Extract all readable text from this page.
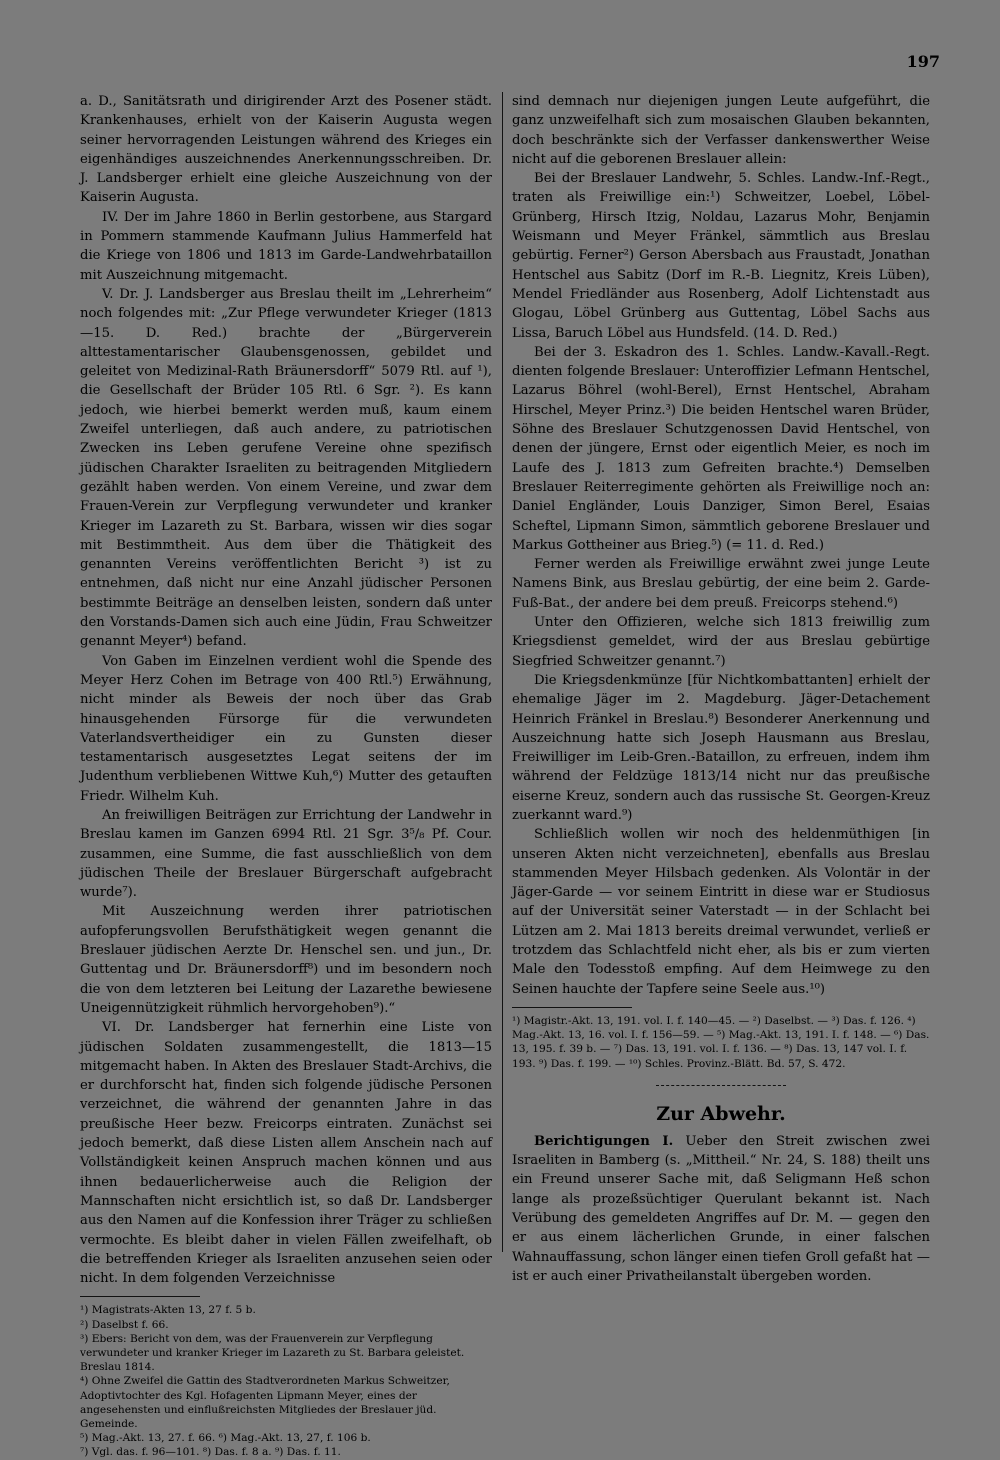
197

a. D., Sanitätsrath und dirigirender Arzt des Posener städt. Krankenhauses, erhielt von der Kaiserin Augusta wegen seiner hervorragenden Leistungen während des Krieges ein eigenhändiges auszeichnendes Anerkennungsschreiben. Dr. J. Landsberger erhielt eine gleiche Auszeichnung von der Kaiserin Augusta.

IV. Der im Jahre 1860 in Berlin gestorbene, aus Stargard in Pommern stammende Kaufmann Julius Hammerfeld hat die Kriege von 1806 und 1813 im Garde-Landwehrbataillon mit Auszeichnung mitgemacht.

V. Dr. J. Landsberger aus Breslau theilt im „Lehrerheim“ noch folgendes mit: „Zur Pflege verwundeter Krieger (1813—15. D. Red.) brachte der „Bürgerverein alttestamentarischer Glaubensgenossen, gebildet und geleitet von Medizinal-Rath Bräunersdorff“ 5079 Rtl. auf ¹), die Gesellschaft der Brüder 105 Rtl. 6 Sgr. ²). Es kann jedoch, wie hierbei bemerkt werden muß, kaum einem Zweifel unterliegen, daß auch andere, zu patriotischen Zwecken ins Leben gerufene Vereine ohne spezifisch jüdischen Charakter Israeliten zu beitragenden Mitgliedern gezählt haben werden. Von einem Vereine, und zwar dem Frauen-Verein zur Verpflegung verwundeter und kranker Krieger im Lazareth zu St. Barbara, wissen wir dies sogar mit Bestimmtheit. Aus dem über die Thätigkeit des genannten Vereins veröffentlichten Bericht ³) ist zu entnehmen, daß nicht nur eine Anzahl jüdischer Personen bestimmte Beiträge an denselben leisten, sondern daß unter den Vorstands-Damen sich auch eine Jüdin, Frau Schweitzer genannt Meyer⁴) befand.

Von Gaben im Einzelnen verdient wohl die Spende des Meyer Herz Cohen im Betrage von 400 Rtl.⁵) Erwähnung, nicht minder als Beweis der noch über das Grab hinausgehenden Fürsorge für die verwundeten Vaterlandsvertheidiger ein zu Gunsten dieser testamentarisch ausgesetztes Legat seitens der im Judenthum verbliebenen Wittwe Kuh,⁶) Mutter des getauften Friedr. Wilhelm Kuh.

An freiwilligen Beiträgen zur Errichtung der Landwehr in Breslau kamen im Ganzen 6994 Rtl. 21 Sgr. 3⁵/₈ Pf. Cour. zusammen, eine Summe, die fast ausschließlich von dem jüdischen Theile der Breslauer Bürgerschaft aufgebracht wurde⁷).

Mit Auszeichnung werden ihrer patriotischen aufopferungsvollen Berufsthätigkeit wegen genannt die Breslauer jüdischen Aerzte Dr. Henschel sen. und jun., Dr. Guttentag und Dr. Bräunersdorff⁸) und im besondern noch die von dem letzteren bei Leitung der Lazarethe bewiesene Uneigennützigkeit rühmlich hervorgehoben⁹).“

VI. Dr. Landsberger hat fernerhin eine Liste von jüdischen Soldaten zusammengestellt, die 1813—15 mitgemacht haben. In Akten des Breslauer Stadt-Archivs, die er durchforscht hat, finden sich folgende jüdische Personen verzeichnet, die während der genannten Jahre in das preußische Heer bezw. Freicorps eintraten. Zunächst sei jedoch bemerkt, daß diese Listen allem Anschein nach auf Vollständigkeit keinen Anspruch machen können und aus ihnen bedauerlicherweise auch die Religion der Mannschaften nicht ersichtlich ist, so daß Dr. Landsberger aus den Namen auf die Konfession ihrer Träger zu schließen vermochte. Es bleibt daher in vielen Fällen zweifelhaft, ob die betreffenden Krieger als Israeliten anzusehen seien oder nicht. In dem folgenden Verzeichnisse

¹) Magistrats-Akten 13, 27 f. 5 b.

²) Daselbst f. 66.

³) Ebers: Bericht von dem, was der Frauenverein zur Verpflegung verwundeter und kranker Krieger im Lazareth zu St. Barbara geleistet. Breslau 1814.

⁴) Ohne Zweifel die Gattin des Stadtverordneten Markus Schweitzer, Adoptivtochter des Kgl. Hofagenten Lipmann Meyer, eines der angesehensten und einflußreichsten Mitgliedes der Breslauer jüd. Gemeinde.

⁵) Mag.-Akt. 13, 27. f. 66. ⁶) Mag.-Akt. 13, 27, f. 106 b.

⁷) Vgl. das. f. 96—101. ⁸) Das. f. 8 a. ⁹) Das. f. 11.

sind demnach nur diejenigen jungen Leute aufgeführt, die ganz unzweifelhaft sich zum mosaischen Glauben bekannten, doch beschränkte sich der Verfasser dankenswerther Weise nicht auf die geborenen Breslauer allein:

Bei der Breslauer Landwehr, 5. Schles. Landw.-Inf.-Regt., traten als Freiwillige ein:¹) Schweitzer, Loebel, Löbel-Grünberg, Hirsch Itzig, Noldau, Lazarus Mohr, Benjamin Weismann und Meyer Fränkel, sämmtlich aus Breslau gebürtig. Ferner²) Gerson Abersbach aus Fraustadt, Jonathan Hentschel aus Sabitz (Dorf im R.-B. Liegnitz, Kreis Lüben), Mendel Friedländer aus Rosenberg, Adolf Lichtenstadt aus Glogau, Löbel Grünberg aus Guttentag, Löbel Sachs aus Lissa, Baruch Löbel aus Hundsfeld. (14. D. Red.)

Bei der 3. Eskadron des 1. Schles. Landw.-Kavall.-Regt. dienten folgende Breslauer: Unteroffizier Lefmann Hentschel, Lazarus Böhrel (wohl-Berel), Ernst Hentschel, Abraham Hirschel, Meyer Prinz.³) Die beiden Hentschel waren Brüder, Söhne des Breslauer Schutzgenossen David Hentschel, von denen der jüngere, Ernst oder eigentlich Meier, es noch im Laufe des J. 1813 zum Gefreiten brachte.⁴) Demselben Breslauer Reiterregimente gehörten als Freiwillige noch an: Daniel Engländer, Louis Danziger, Simon Berel, Esaias Scheftel, Lipmann Simon, sämmtlich geborene Breslauer und Markus Gottheiner aus Brieg.⁵) (= 11. d. Red.)

Ferner werden als Freiwillige erwähnt zwei junge Leute Namens Bink, aus Breslau gebürtig, der eine beim 2. Garde-Fuß-Bat., der andere bei dem preuß. Freicorps stehend.⁶)

Unter den Offizieren, welche sich 1813 freiwillig zum Kriegsdienst gemeldet, wird der aus Breslau gebürtige Siegfried Schweitzer genannt.⁷)

Die Kriegsdenkmünze [für Nichtkombattanten] erhielt der ehemalige Jäger im 2. Magdeburg. Jäger-Detachement Heinrich Fränkel in Breslau.⁸) Besonderer Anerkennung und Auszeichnung hatte sich Joseph Hausmann aus Breslau, Freiwilliger im Leib-Gren.-Bataillon, zu erfreuen, indem ihm während der Feldzüge 1813/14 nicht nur das preußische eiserne Kreuz, sondern auch das russische St. Georgen-Kreuz zuerkannt ward.⁹)

Schließlich wollen wir noch des heldenmüthigen [in unseren Akten nicht verzeichneten], ebenfalls aus Breslau stammenden Meyer Hilsbach gedenken. Als Volontär in der Jäger-Garde — vor seinem Eintritt in diese war er Studiosus auf der Universität seiner Vaterstadt — in der Schlacht bei Lützen am 2. Mai 1813 bereits dreimal verwundet, verließ er trotzdem das Schlachtfeld nicht eher, als bis er zum vierten Male den Todesstoß empfing. Auf dem Heimwege zu den Seinen hauchte der Tapfere seine Seele aus.¹⁰)

¹) Magistr.-Akt. 13, 191. vol. I. f. 140—45. — ²) Daselbst. — ³) Das. f. 126. ⁴) Mag.-Akt. 13, 16. vol. I. f. 156—59. — ⁵) Mag.-Akt. 13, 191. I. f. 148. — ⁶) Das. 13, 195. f. 39 b. — ⁷) Das. 13, 191. vol. I. f. 136. — ⁸) Das. 13, 147 vol. I. f. 193. ⁹) Das. f. 199. — ¹⁰) Schles. Provinz.-Blätt. Bd. 57, S. 472.

Zur Abwehr.

Berichtigungen I. Ueber den Streit zwischen zwei Israeliten in Bamberg (s. „Mittheil.“ Nr. 24, S. 188) theilt uns ein Freund unserer Sache mit, daß Seligmann Heß schon lange als prozeßsüchtiger Querulant bekannt ist. Nach Verübung des gemeldeten Angriffes auf Dr. M. — gegen den er aus einem lächerlichen Grunde, in einer falschen Wahnauffassung, schon länger einen tiefen Groll gefaßt hat — ist er auch einer Privatheilanstalt übergeben worden.
